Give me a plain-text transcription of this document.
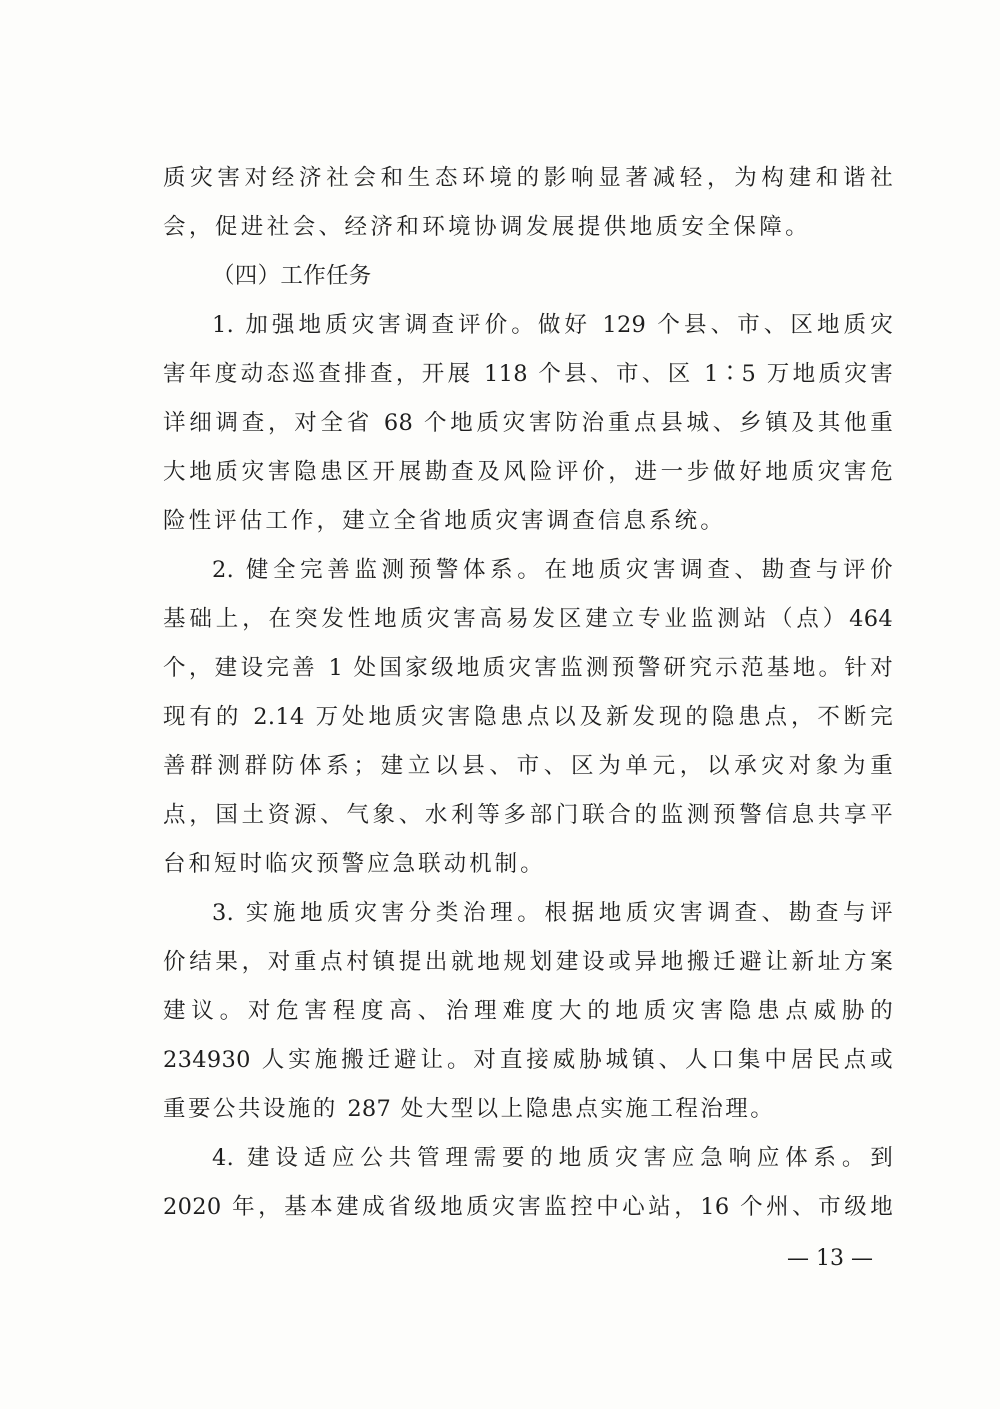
质灾害对经济社会和生态环境的影响显著减轻，为构建和谐社
会，促进社会、经济和环境协调发展提供地质安全保障。
（四）工作任务
1. 加强地质灾害调查评价。做好 129 个县、市、区地质灾
害年度动态巡查排查，开展 118 个县、市、区 1∶5 万地质灾害
详细调查，对全省 68 个地质灾害防治重点县城、乡镇及其他重
大地质灾害隐患区开展勘查及风险评价，进一步做好地质灾害危
险性评估工作，建立全省地质灾害调查信息系统。
2. 健全完善监测预警体系。在地质灾害调查、勘查与评价
基础上，在突发性地质灾害高易发区建立专业监测站（点）464
个，建设完善 1 处国家级地质灾害监测预警研究示范基地。针对
现有的 2.14 万处地质灾害隐患点以及新发现的隐患点，不断完
善群测群防体系；建立以县、市、区为单元，以承灾对象为重
点，国土资源、气象、水利等多部门联合的监测预警信息共享平
台和短时临灾预警应急联动机制。
3. 实施地质灾害分类治理。根据地质灾害调查、勘查与评
价结果，对重点村镇提出就地规划建设或异地搬迁避让新址方案
建议。对危害程度高、治理难度大的地质灾害隐患点威胁的
234930 人实施搬迁避让。对直接威胁城镇、人口集中居民点或
重要公共设施的 287 处大型以上隐患点实施工程治理。
4. 建设适应公共管理需要的地质灾害应急响应体系。到
2020 年，基本建成省级地质灾害监控中心站，16 个州、市级地
— 13 —
